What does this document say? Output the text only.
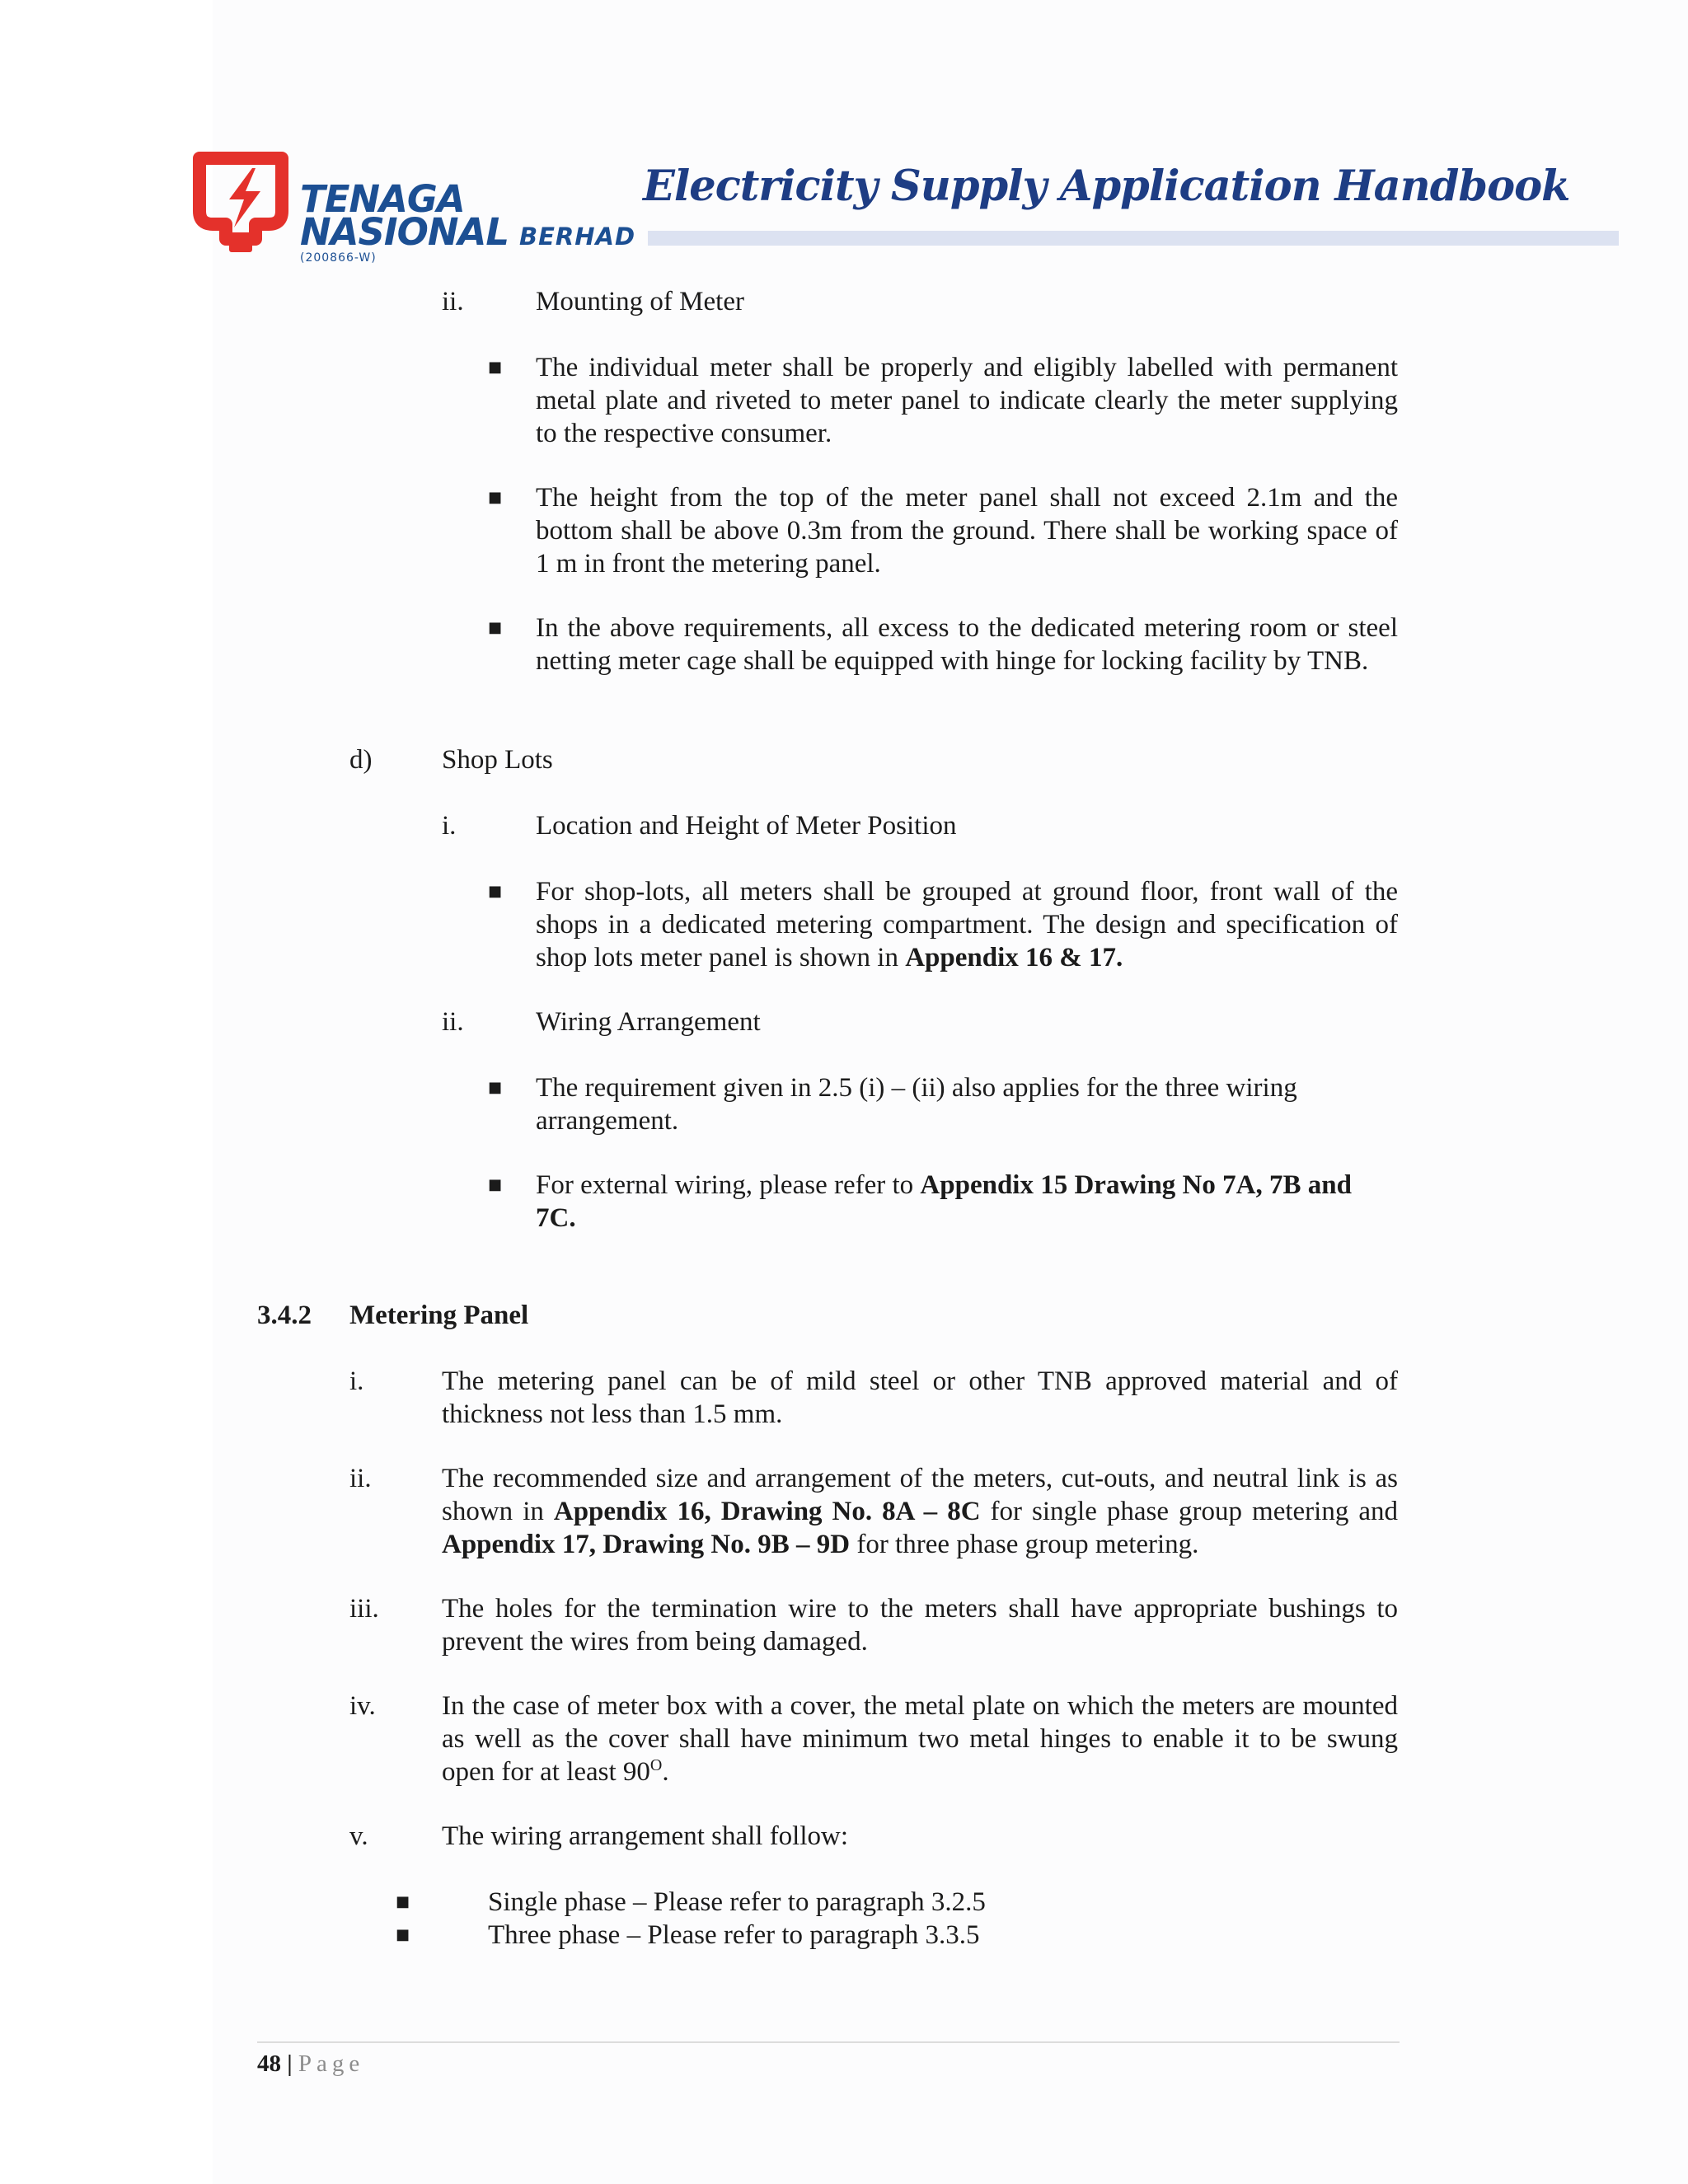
TENAGA
NASIONAL BERHAD
(200866-W)
Electricity Supply Application Handbook
ii.	Mounting of Meter
■ The individual meter shall be properly and eligibly labelled with permanent metal plate and riveted to meter panel to indicate clearly the meter supplying to the respective consumer.
■ The height from the top of the meter panel shall not exceed 2.1m and the bottom shall be above 0.3m from the ground. There shall be working space of 1 m in front the metering panel.
■ In the above requirements, all excess to the dedicated metering room or steel netting meter cage shall be equipped with hinge for locking facility by TNB.
d)	Shop Lots
i.	Location and Height of Meter Position
■ For shop-lots, all meters shall be grouped at ground floor, front wall of the shops in a dedicated metering compartment. The design and specification of shop lots meter panel is shown in Appendix 16 & 17.
ii.	Wiring Arrangement
■ The requirement given in 2.5 (i) – (ii) also applies for the three wiring arrangement.
■ For external wiring, please refer to Appendix 15 Drawing No 7A, 7B and 7C.
3.4.2 Metering Panel
i.	The metering panel can be of mild steel or other TNB approved material and of thickness not less than 1.5 mm.
ii.	The recommended size and arrangement of the meters, cut-outs, and neutral link is as shown in Appendix 16, Drawing No. 8A – 8C for single phase group metering and Appendix 17, Drawing No. 9B – 9D for three phase group metering.
iii. The holes for the termination wire to the meters shall have appropriate bushings to prevent the wires from being damaged.
iv. In the case of meter box with a cover, the metal plate on which the meters are mounted as well as the cover shall have minimum two metal hinges to enable it to be swung open for at least $90^O$.
v.	The wiring arrangement shall follow:
■	Single phase – Please refer to paragraph 3.2.5
■	Three phase – Please refer to paragraph 3.3.5
48 | Page
